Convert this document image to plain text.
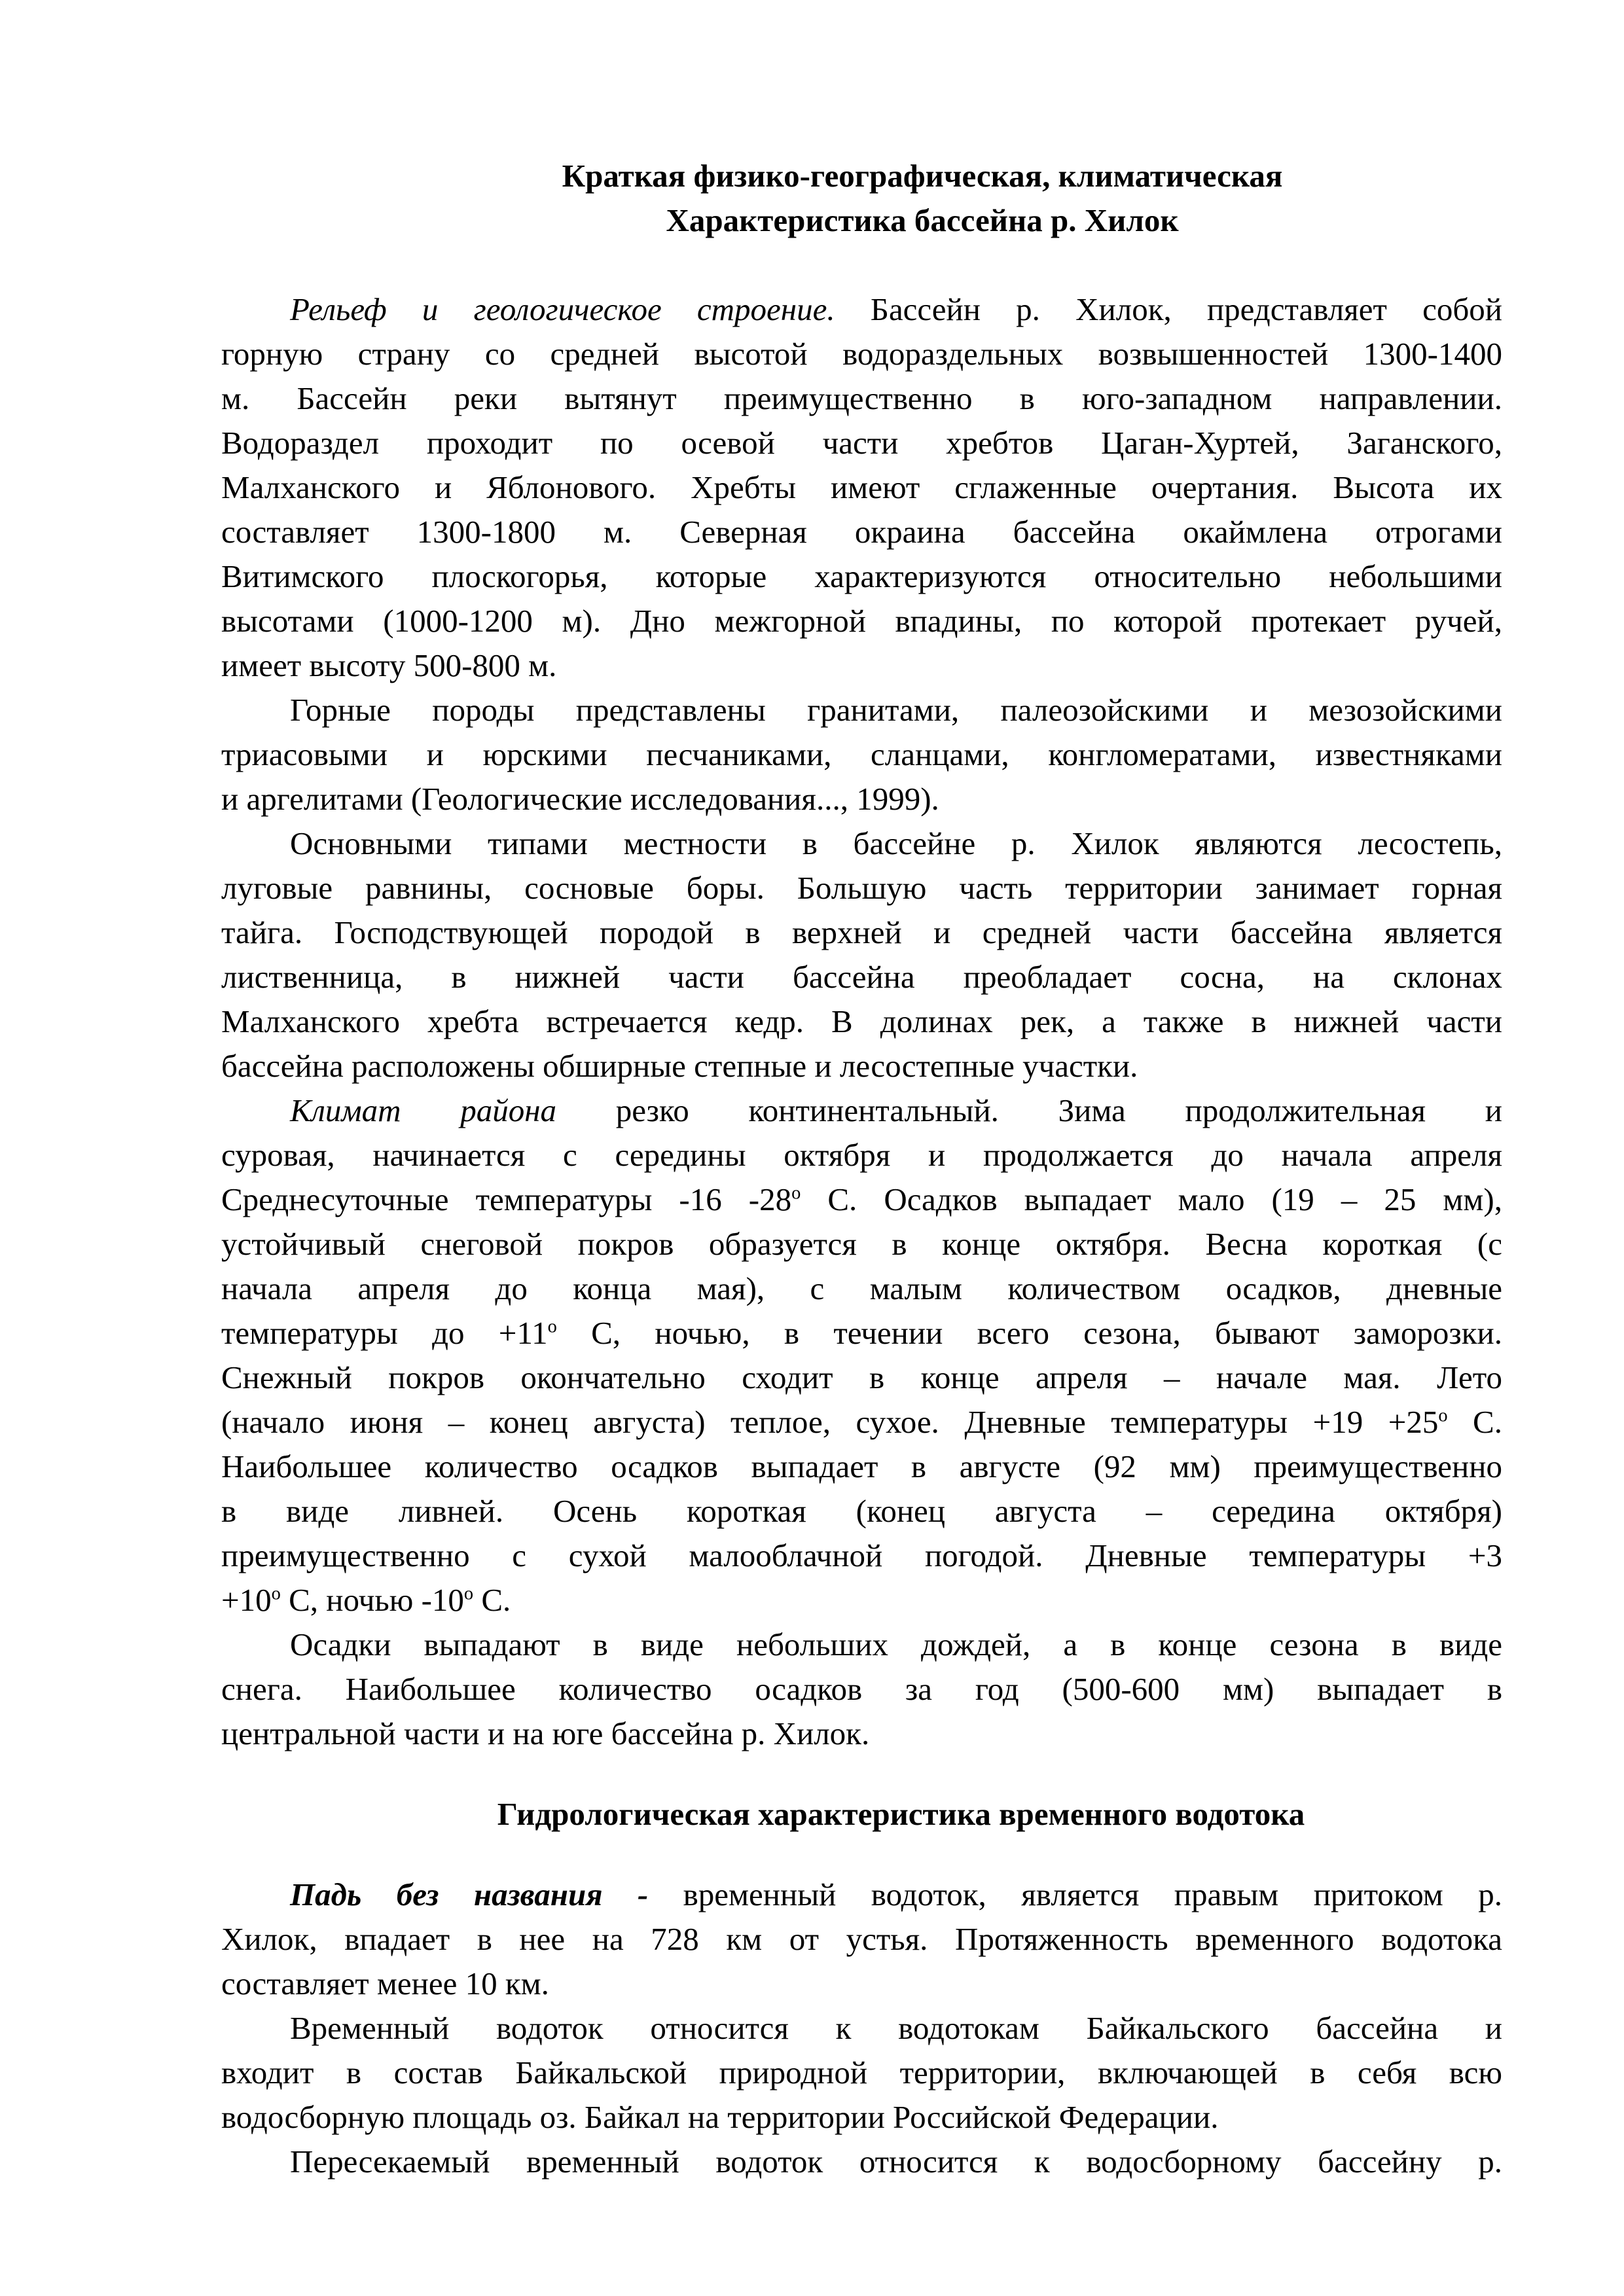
Краткая физико-географическая, климатическая
Характеристика бассейна р. Хилок
Рельеф и геологическое строение. Бассейн р. Хилок, представляет собой
горную страну со средней высотой водораздельных возвышенностей 1300-1400
м. Бассейн реки вытянут преимущественно в юго-западном направлении.
Водораздел проходит по осевой части хребтов Цаган-Хуртей, Заганского,
Малханского и Яблонового. Хребты имеют сглаженные очертания. Высота их
составляет 1300-1800 м. Северная окраина бассейна окаймлена отрогами
Витимского плоскогорья, которые характеризуются относительно небольшими
высотами (1000-1200 м). Дно межгорной впадины, по которой протекает ручей,
имеет высоту 500-800 м.
Горные породы представлены гранитами, палеозойскими и мезозойскими
триасовыми и юрскими песчаниками, сланцами, конгломератами, известняками
и аргелитами (Геологические исследования..., 1999).
Основными типами местности в бассейне р. Хилок являются лесостепь,
луговые равнины, сосновые боры. Большую часть территории занимает горная
тайга. Господствующей породой в верхней и средней части бассейна является
лиственница, в нижней части бассейна преобладает сосна, на склонах
Малханского хребта встречается кедр. В долинах рек, а также в нижней части
бассейна расположены обширные степные и лесостепные участки.
Климат района резко континентальный. Зима продолжительная и
суровая, начинается с середины октября и продолжается до начала апреля
Среднесуточные температуры -16 $-28^о$ С. Осадков выпадает мало (19 – 25 мм),
устойчивый снеговой покров образуется в конце октября. Весна короткая (с
начала апреля до конца мая), с малым количеством осадков, дневные
температуры до $+11^о$ С, ночью, в течении всего сезона, бывают заморозки.
Снежный покров окончательно сходит в конце апреля – начале мая. Лето
(начало июня – конец августа) теплое, сухое. Дневные температуры $+19 +25^о$ С.
Наибольшее количество осадков выпадает в августе (92 мм) преимущественно
в виде ливней. Осень короткая (конец августа – середина октября)
преимущественно с сухой малооблачной погодой. Дневные температуры +3
$+10^о$ С, ночью $-10^о$ С.
Осадки выпадают в виде небольших дождей, а в конце сезона в виде
снега. Наибольшее количество осадков за год (500-600 мм) выпадает в
центральной части и на юге бассейна р. Хилок.
Гидрологическая характеристика временного водотока
Падь без названия - временный водоток, является правым притоком р.
Хилок, впадает в нее на 728 км от устья. Протяженность временного водотока
составляет менее 10 км.
Временный водоток относится к водотокам Байкальского бассейна и
входит в состав Байкальской природной территории, включающей в себя всю
водосборную площадь оз. Байкал на территории Российской Федерации.
Пересекаемый временный водоток относится к водосборному бассейну р.
